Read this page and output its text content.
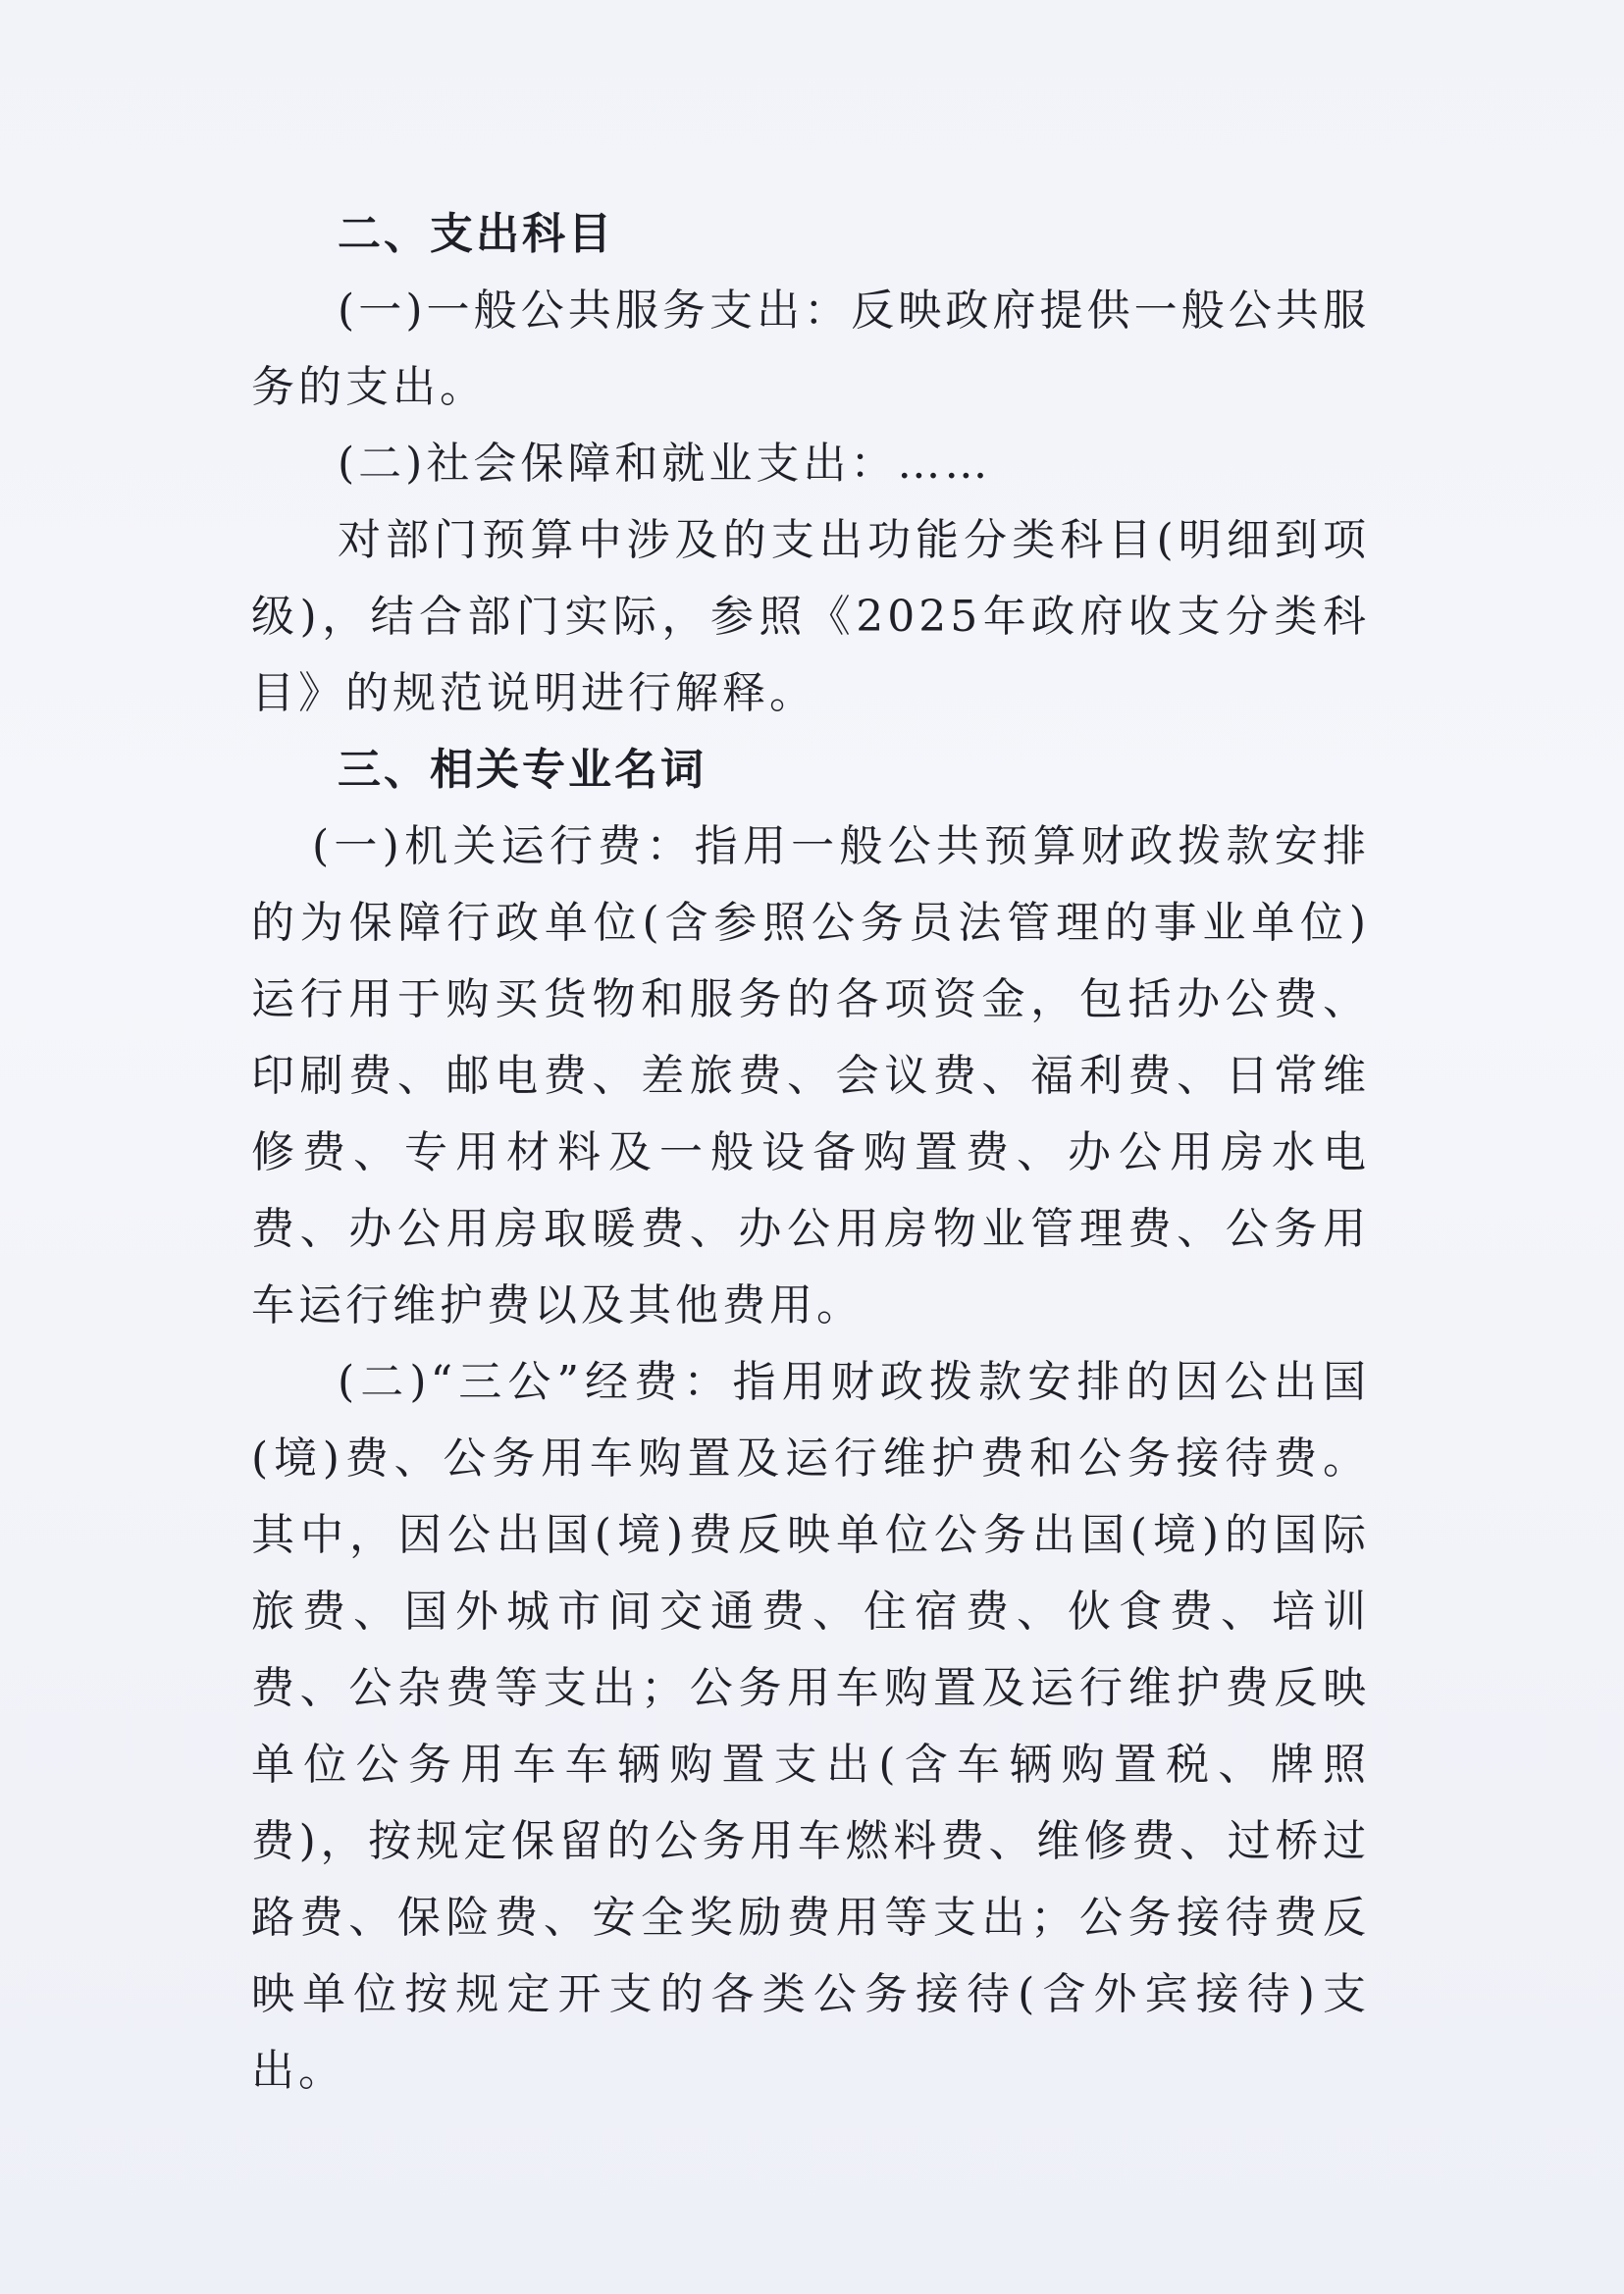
二、支出科目

(一)一般公共服务支出：反映政府提供一般公共服务的支出。

(二)社会保障和就业支出：……

对部门预算中涉及的支出功能分类科目(明细到项级)，结合部门实际，参照《2025年政府收支分类科目》的规范说明进行解释。

三、相关专业名词

(一)机关运行费：指用一般公共预算财政拨款安排的为保障行政单位(含参照公务员法管理的事业单位)运行用于购买货物和服务的各项资金，包括办公费、印刷费、邮电费、差旅费、会议费、福利费、日常维修费、专用材料及一般设备购置费、办公用房水电费、办公用房取暖费、办公用房物业管理费、公务用车运行维护费以及其他费用。

(二)“三公”经费：指用财政拨款安排的因公出国(境)费、公务用车购置及运行维护费和公务接待费。其中，因公出国(境)费反映单位公务出国(境)的国际旅费、国外城市间交通费、住宿费、伙食费、培训费、公杂费等支出；公务用车购置及运行维护费反映单位公务用车车辆购置支出(含车辆购置税、牌照费)，按规定保留的公务用车燃料费、维修费、过桥过路费、保险费、安全奖励费用等支出；公务接待费反映单位按规定开支的各类公务接待(含外宾接待)支出。
